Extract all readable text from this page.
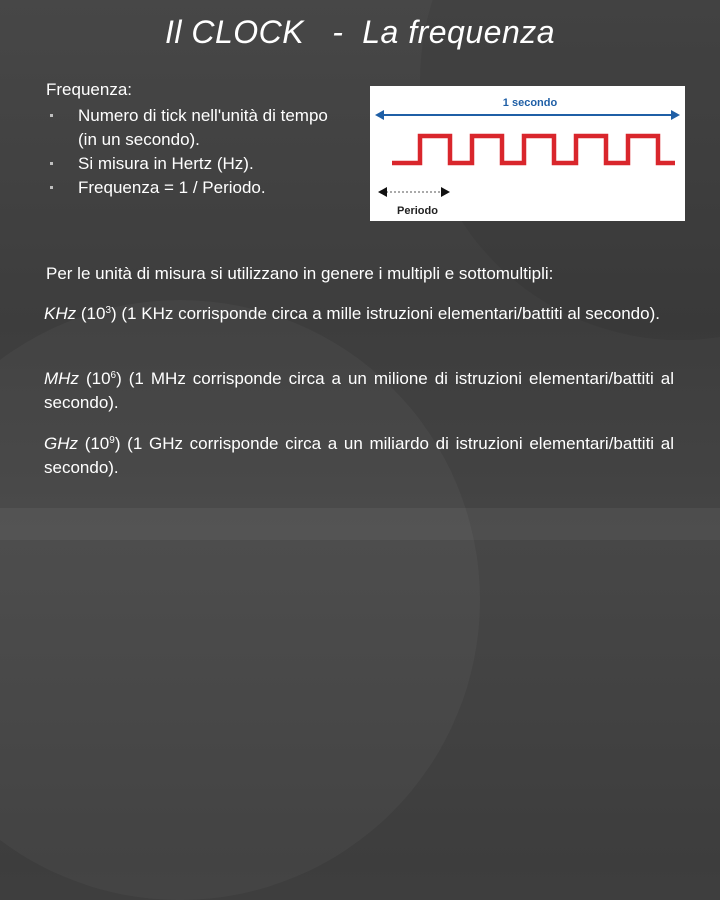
Il CLOCK - La frequenza
Frequenza:
Numero di tick nell'unità di tempo (in un secondo).
Si misura in Hertz (Hz).
Frequenza = 1 / Periodo.
1 secondo
Periodo
Per le unità di misura si utilizzano in genere i multipli e sottomultipli:
KHz $(10^3)$ (1 KHz corrisponde circa a mille istruzioni elementari/battiti al secondo).
MHz $(10^6)$ (1 MHz corrisponde circa a un milione di istruzioni elementari/battiti al secondo).
GHz $(10^9)$ (1 GHz corrisponde circa a un miliardo di istruzioni elementari/battiti al secondo).
